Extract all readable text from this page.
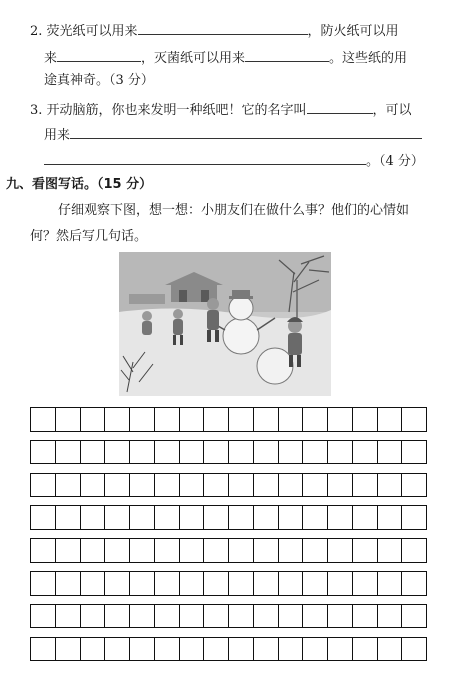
2. 荧光纸可以用来	，防火纸可以用
来	，灭菌纸可以用来	。这些纸的用
途真神奇。（3 分）
3. 开动脑筋，你也来发明一种纸吧！它的名字叫	，可以
用来
。（4 分）
九、看图写话。（15 分）
仔细观察下图，想一想：小朋友们在做什么事？他们的心情如
何？然后写几句话。
